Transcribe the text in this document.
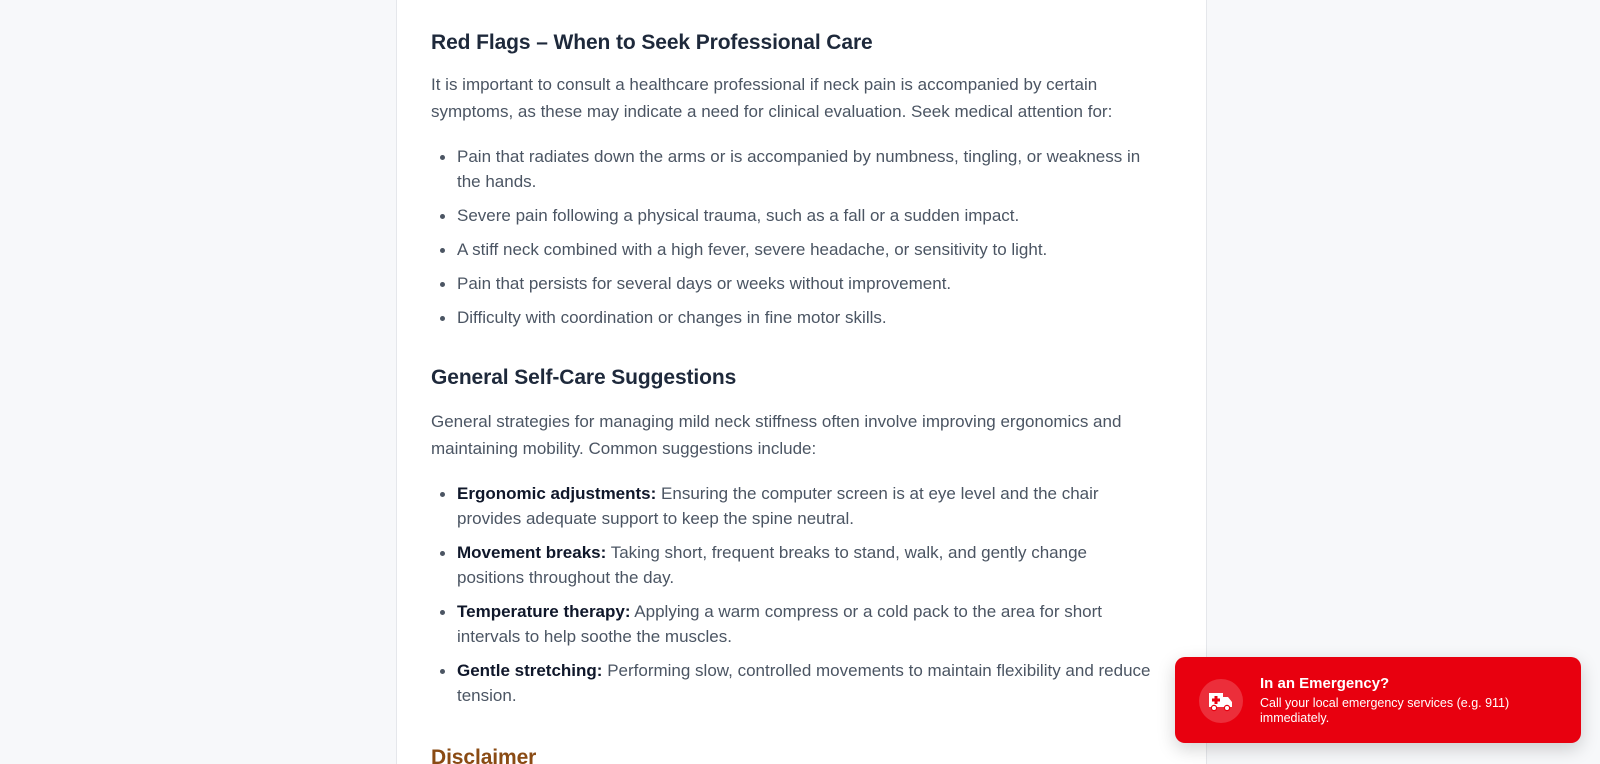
Red Flags – When to Seek Professional Care

It is important to consult a healthcare professional if neck pain is accompanied by certain symptoms, as these may indicate a need for clinical evaluation. Seek medical attention for:

Pain that radiates down the arms or is accompanied by numbness, tingling, or weakness in the hands.
Severe pain following a physical trauma, such as a fall or a sudden impact.
A stiff neck combined with a high fever, severe headache, or sensitivity to light.
Pain that persists for several days or weeks without improvement.
Difficulty with coordination or changes in fine motor skills.
General Self-Care Suggestions

General strategies for managing mild neck stiffness often involve improving ergonomics and maintaining mobility. Common suggestions include:

Ergonomic adjustments: Ensuring the computer screen is at eye level and the chair provides adequate support to keep the spine neutral.
Movement breaks: Taking short, frequent breaks to stand, walk, and gently change positions throughout the day.
Temperature therapy: Applying a warm compress or a cold pack to the area for short intervals to help soothe the muscles.
Gentle stretching: Performing slow, controlled movements to maintain flexibility and reduce tension.
Disclaimer
In an Emergency?
Call your local emergency services (e.g. 911) immediately.
